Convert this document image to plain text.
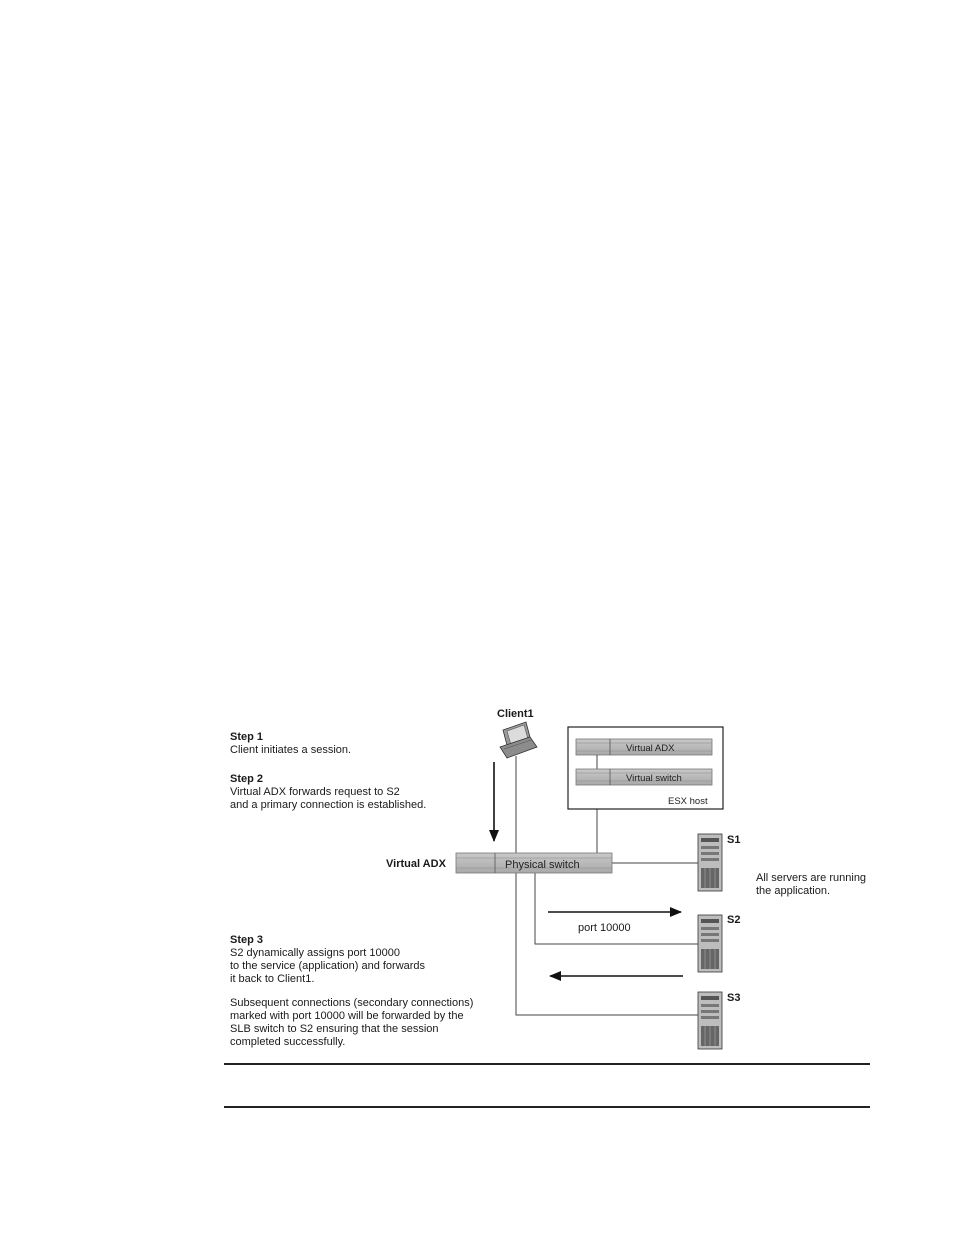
Virtual ADX
Virtual switch
ESX host
Physical switch
Client1
Step 1
Client initiates a session.
Step 2
Virtual ADX forwards request to S2
and a primary connection is established.
Virtual ADX
S1
S2
S3
All servers are running
the application.
port 10000
Step 3
S2 dynamically assigns port 10000
to the service (application) and forwards
it back to Client1.
Subsequent connections (secondary connections)
marked with port 10000 will be forwarded by the
SLB switch to S2 ensuring that the session
completed successfully.
